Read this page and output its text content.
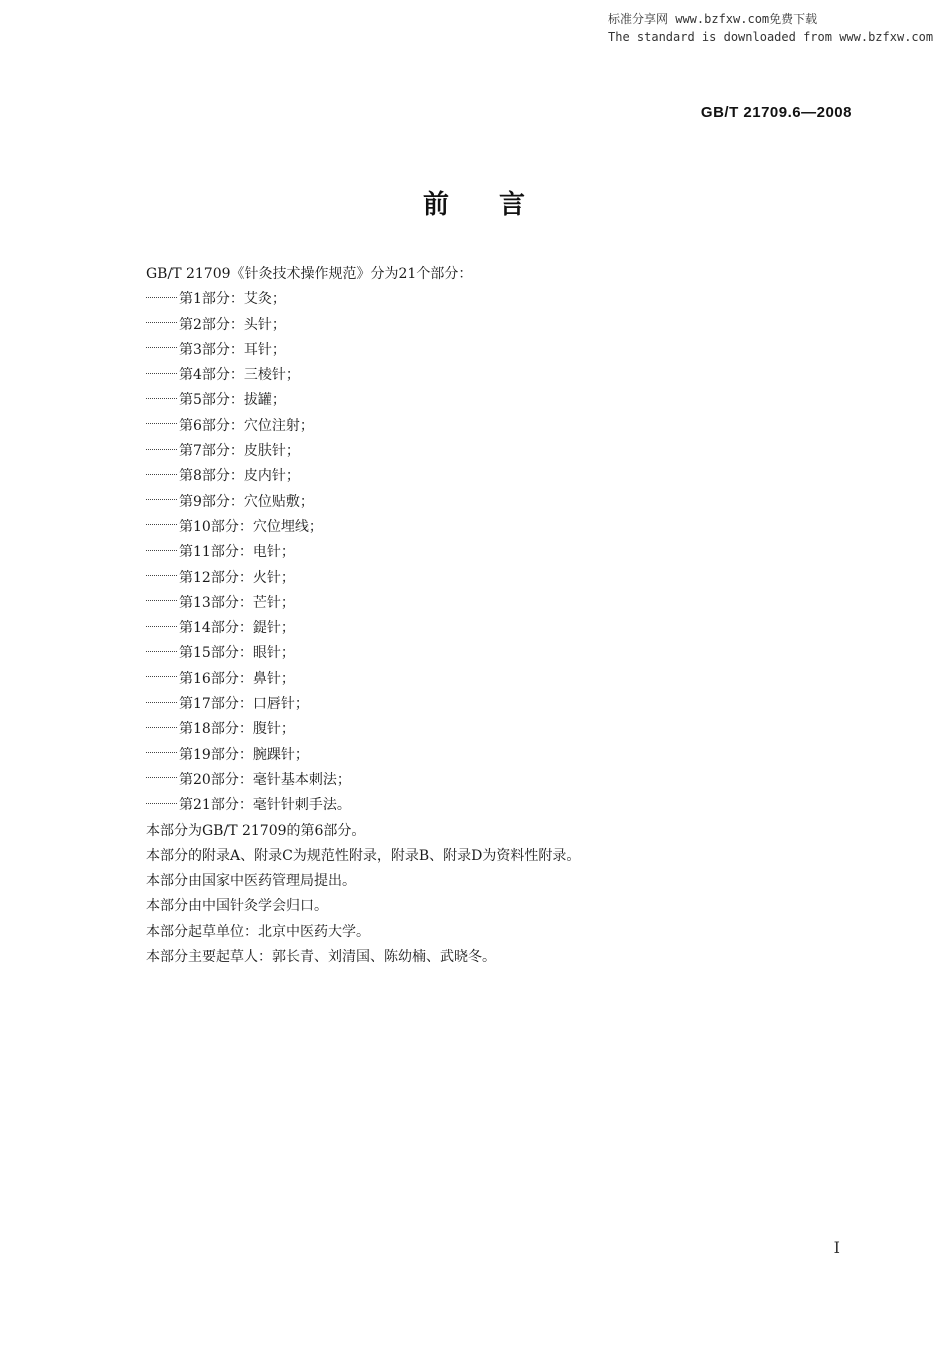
标准分享网 www.bzfxw.com免费下载
The standard is downloaded from www.bzfxw.com
GB/T 21709.6—2008
前 言
GB/T 21709《针灸技术操作规范》分为21个部分：
第1部分：艾灸；
第2部分：头针；
第3部分：耳针；
第4部分：三棱针；
第5部分：拔罐；
第6部分：穴位注射；
第7部分：皮肤针；
第8部分：皮内针；
第9部分：穴位贴敷；
第10部分：穴位埋线；
第11部分：电针；
第12部分：火针；
第13部分：芒针；
第14部分：鍉针；
第15部分：眼针；
第16部分：鼻针；
第17部分：口唇针；
第18部分：腹针；
第19部分：腕踝针；
第20部分：毫针基本刺法；
第21部分：毫针针刺手法。
本部分为GB/T 21709的第6部分。
本部分的附录A、附录C为规范性附录，附录B、附录D为资料性附录。
本部分由国家中医药管理局提出。
本部分由中国针灸学会归口。
本部分起草单位：北京中医药大学。
本部分主要起草人：郭长青、刘清国、陈幼楠、武晓冬。
I
